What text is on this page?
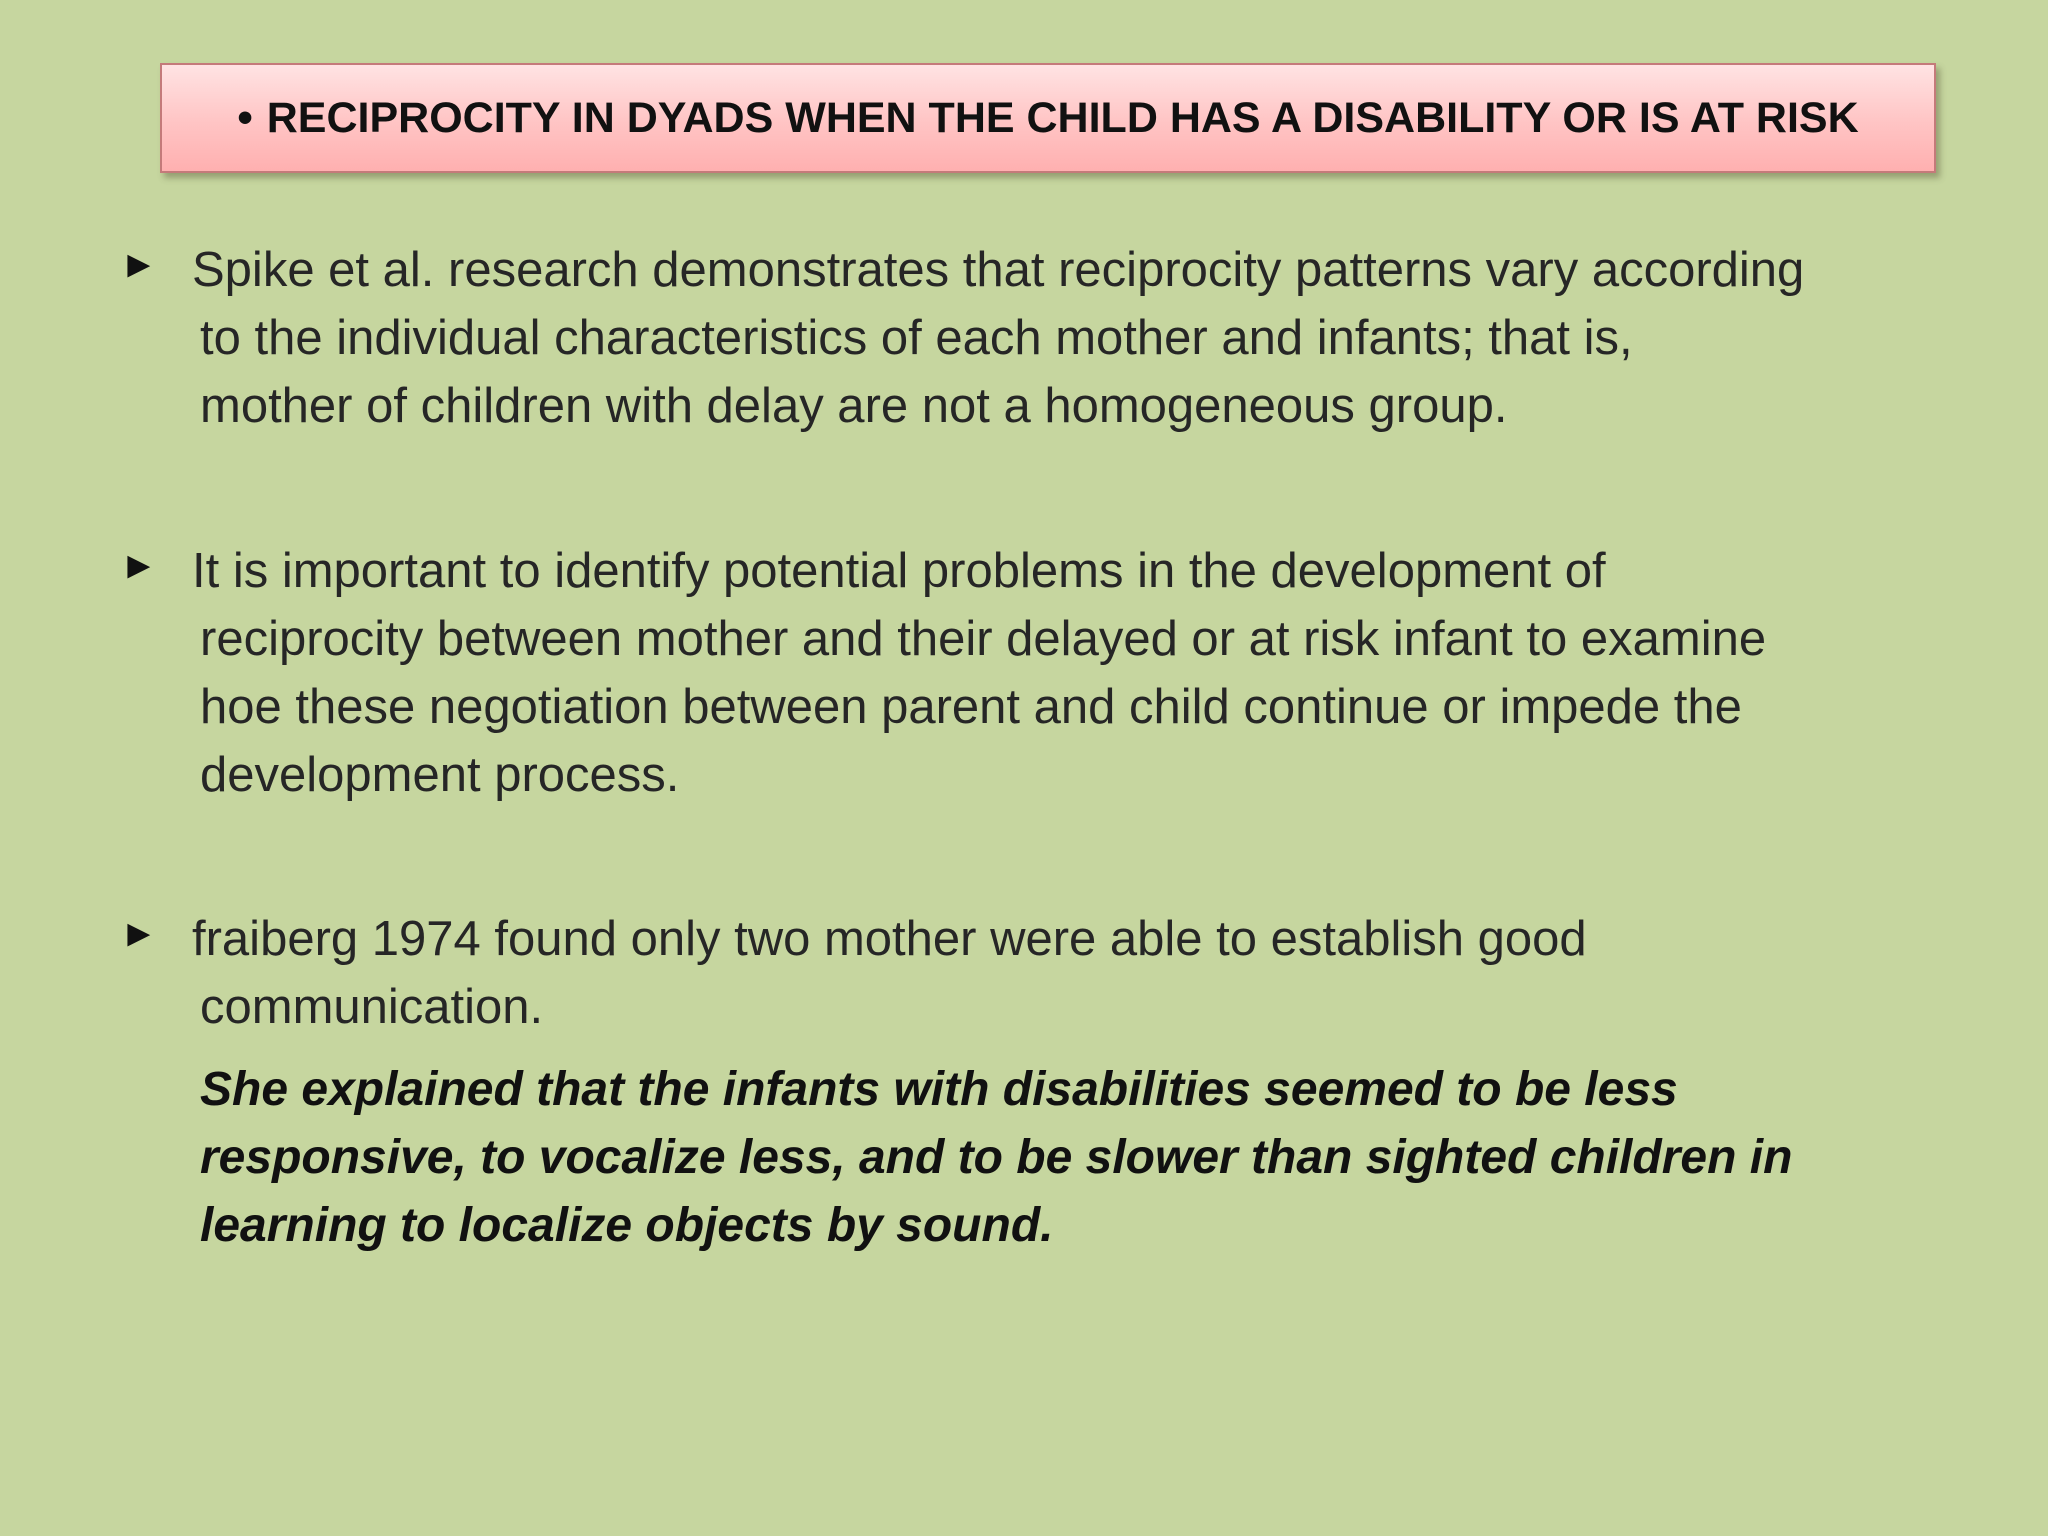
• RECIPROCITY IN DYADS WHEN THE CHILD HAS A DISABILITY OR IS AT RISK
► Spike et al. research demonstrates that reciprocity patterns vary according
to the individual characteristics of each mother and infants; that is,
mother of children with delay are not a homogeneous group.
► It is important to identify potential problems in the development of
reciprocity between mother and their delayed or at risk infant to examine
hoe these negotiation between parent and child continue or impede the
development process.
► fraiberg 1974 found only two mother were able to establish good
communication.
She explained that the infants with disabilities seemed to be less
responsive, to vocalize less, and to be slower than sighted children in
learning to localize objects by sound.
